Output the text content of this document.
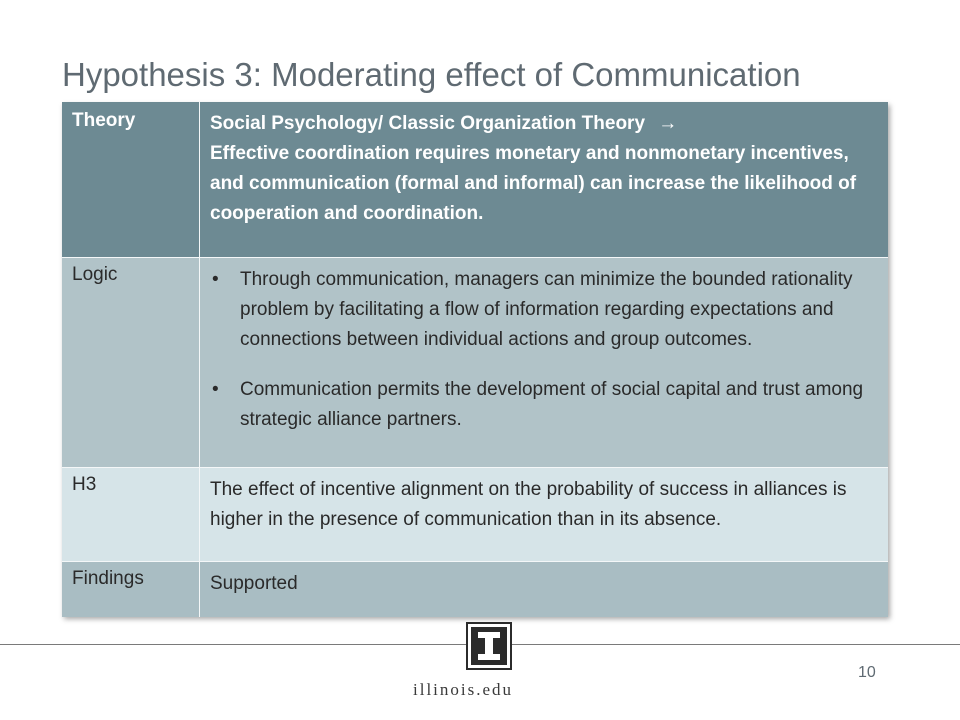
Hypothesis 3: Moderating effect of Communication
Theory	Social Psychology/ Classic Organization Theory →
Effective coordination requires monetary and nonmonetary incentives, and communication (formal and informal) can increase the likelihood of cooperation and coordination.
Logic	• Through communication, managers can minimize the bounded rationality problem by facilitating a flow of information regarding expectations and connections between individual actions and group outcomes.
• Communication permits the development of social capital and trust among strategic alliance partners.
H3	The effect of incentive alignment on the probability of success in alliances is higher in the presence of communication than in its absence.
Findings	Supported
10
illinois.edu
